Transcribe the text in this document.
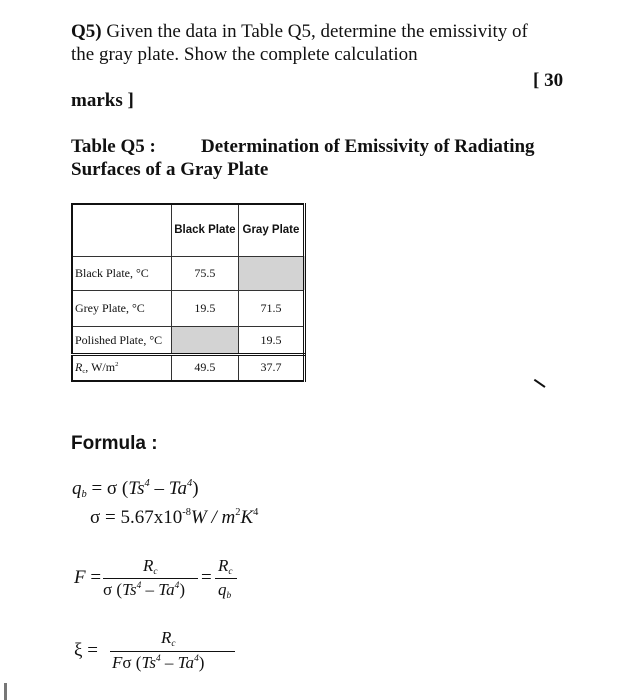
Q5) Given the data in Table Q5, determine the emissivity of
the gray plate. Show the complete calculation
[ 30
marks ]
Table Q5 : Determination of Emissivity of Radiating
Surfaces of a Gray Plate
	Black Plate	Gray Plate
Black Plate, °C	75.5	
Grey Plate, °C	19.5	71.5
Polished Plate, °C		19.5
$R_c$, $W/m^2$	49.5	37.7
Formula :
$q_b = \sigma$ (Ts$^4$ – Ta$^4$)
$\sigma = 5.67x10^{-8}W / m^2K^4$
F =
$R_c$
σ $(Ts^4 - Ta^4)$
=
$R_c$
$q_b$
ξ =
$R_c$
Fσ (Ts$^4$ – Ta$^4$)
